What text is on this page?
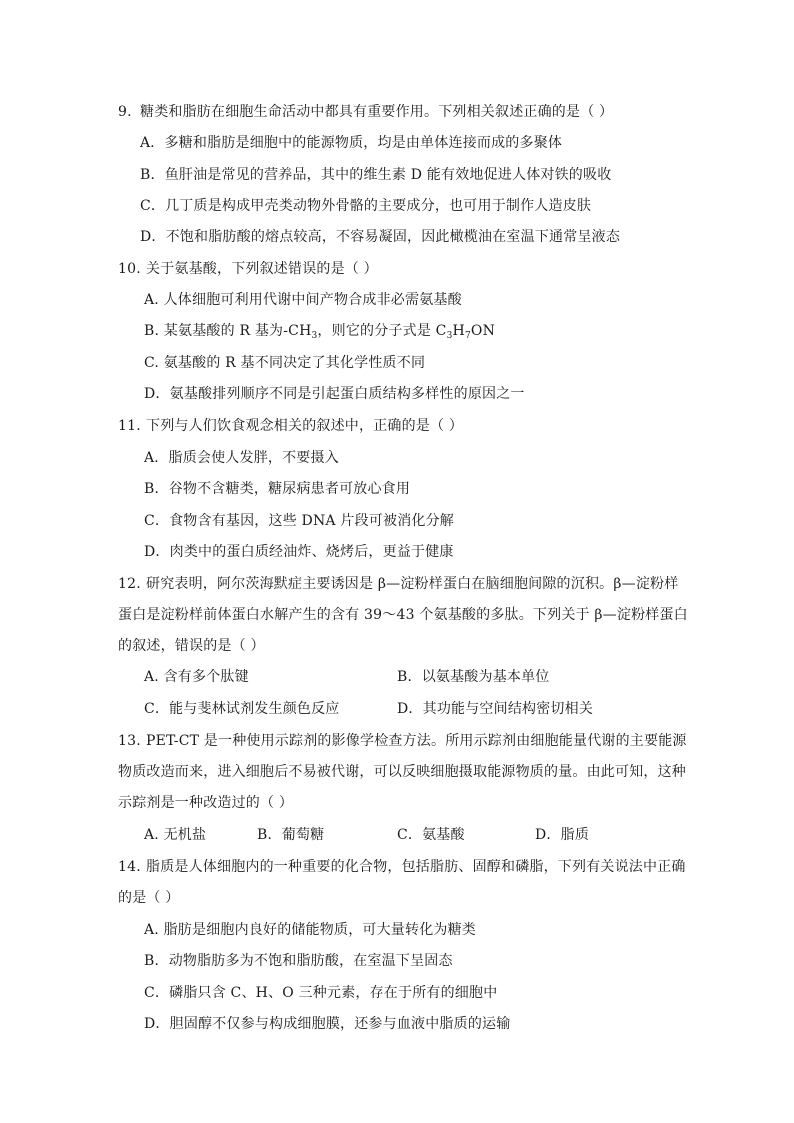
9. 糖类和脂肪在细胞生命活动中都具有重要作用。下列相关叙述正确的是（ ）
A．多糖和脂肪是细胞中的能源物质，均是由单体连接而成的多聚体
B．鱼肝油是常见的营养品，其中的维生素 D 能有效地促进人体对铁的吸收
C．几丁质是构成甲壳类动物外骨骼的主要成分，也可用于制作人造皮肤
D．不饱和脂肪酸的熔点较高，不容易凝固，因此橄榄油在室温下通常呈液态
10. 关于氨基酸，下列叙述错误的是（ ）
A. 人体细胞可利用代谢中间产物合成非必需氨基酸
B. 某氨基酸的 R 基为$-CH_3$，则它的分子式是 $C_3H_7ON$
C. 氨基酸的 R 基不同决定了其化学性质不同
D．氨基酸排列顺序不同是引起蛋白质结构多样性的原因之一
11. 下列与人们饮食观念相关的叙述中，正确的是（ ）
A．脂质会使人发胖，不要摄入
B．谷物不含糖类，糖尿病患者可放心食用
C．食物含有基因，这些 DNA 片段可被消化分解
D．肉类中的蛋白质经油炸、烧烤后，更益于健康
12. 研究表明，阿尔茨海默症主要诱因是 β—淀粉样蛋白在脑细胞间隙的沉积。β—淀粉样
蛋白是淀粉样前体蛋白水解产生的含有 39～43 个氨基酸的多肽。下列关于 β—淀粉样蛋白
的叙述，错误的是（ ）
A. 含有多个肽键	B．以氨基酸为基本单位
C．能与斐林试剂发生颜色反应	D．其功能与空间结构密切相关
13. PET-CT 是一种使用示踪剂的影像学检查方法。所用示踪剂由细胞能量代谢的主要能源
物质改造而来，进入细胞后不易被代谢，可以反映细胞摄取能源物质的量。由此可知，这种
示踪剂是一种改造过的（ ）
A. 无机盐	B．葡萄糖	C．氨基酸	D．脂质
14. 脂质是人体细胞内的一种重要的化合物，包括脂肪、固醇和磷脂，下列有关说法中正确
的是（ ）
A. 脂肪是细胞内良好的储能物质，可大量转化为糖类
B．动物脂肪多为不饱和脂肪酸，在室温下呈固态
C．磷脂只含 C、H、O 三种元素，存在于所有的细胞中
D．胆固醇不仅参与构成细胞膜，还参与血液中脂质的运输
